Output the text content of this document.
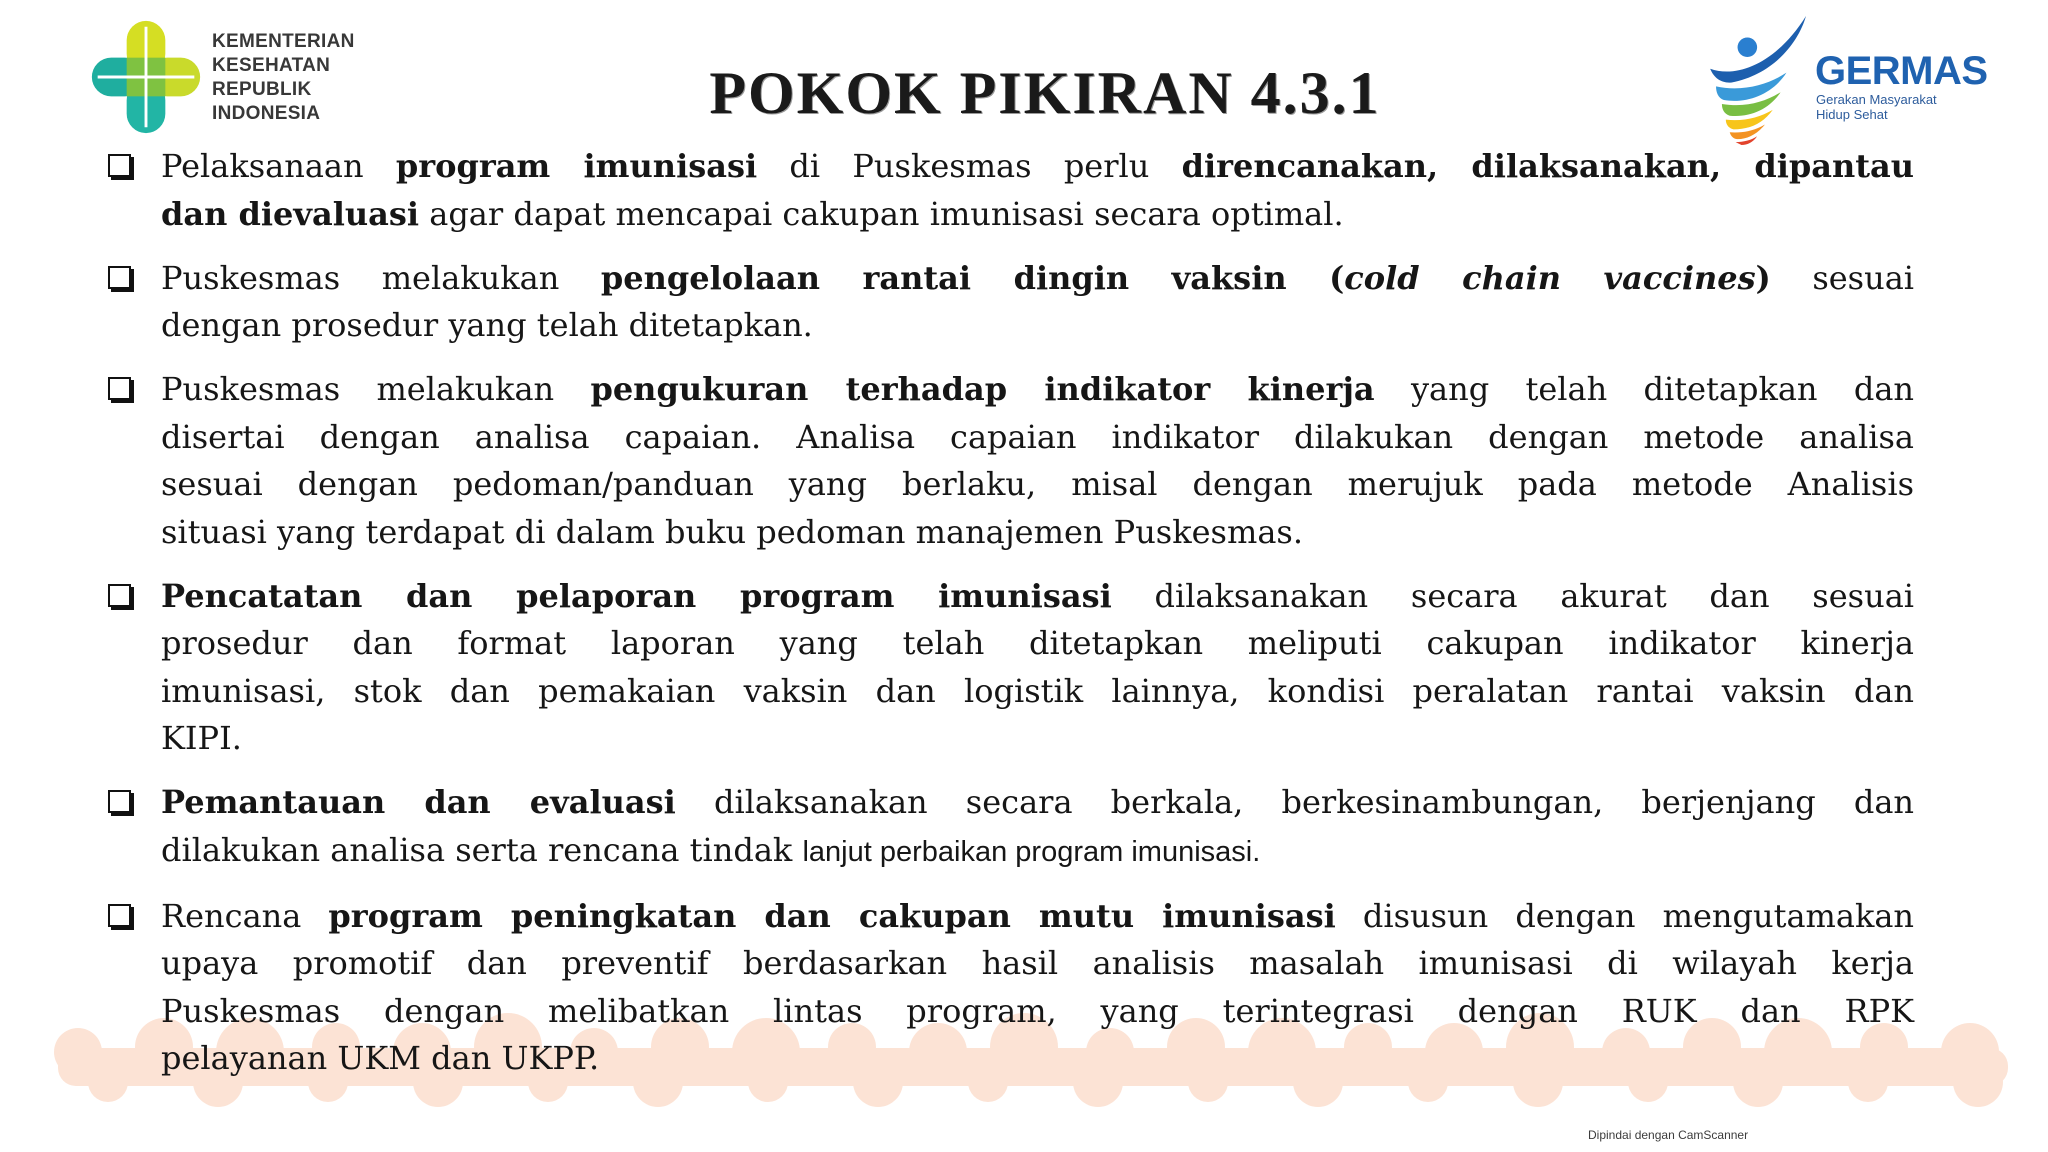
KEMENTERIAN
KESEHATAN
REPUBLIK
INDONESIA	POKOK PIKIRAN 4.3.1	GERMAS
Gerakan Masyarakat
Hidup Sehat
Pelaksanaan program imunisasi di Puskesmas perlu direncanakan, dilaksanakan, dipantau
dan dievaluasi agar dapat mencapai cakupan imunisasi secara optimal.
Puskesmas melakukan pengelolaan rantai dingin vaksin (cold chain vaccines) sesuai
dengan prosedur yang telah ditetapkan.
Puskesmas melakukan pengukuran terhadap indikator kinerja yang telah ditetapkan dan
disertai dengan analisa capaian. Analisa capaian indikator dilakukan dengan metode analisa
sesuai dengan pedoman/panduan yang berlaku, misal dengan merujuk pada metode Analisis
situasi yang terdapat di dalam buku pedoman manajemen Puskesmas.
Pencatatan dan pelaporan program imunisasi dilaksanakan secara akurat dan sesuai
prosedur dan format laporan yang telah ditetapkan meliputi cakupan indikator kinerja
imunisasi, stok dan pemakaian vaksin dan logistik lainnya, kondisi peralatan rantai vaksin dan
KIPI.
Pemantauan dan evaluasi dilaksanakan secara berkala, berkesinambungan, berjenjang dan
dilakukan analisa serta rencana tindak lanjut perbaikan program imunisasi.
Rencana program peningkatan dan cakupan mutu imunisasi disusun dengan mengutamakan
upaya promotif dan preventif berdasarkan hasil analisis masalah imunisasi di wilayah kerja
Puskesmas dengan melibatkan lintas program, yang terintegrasi dengan RUK dan RPK
pelayanan UKM dan UKPP.
Dipindai dengan CamScanner
